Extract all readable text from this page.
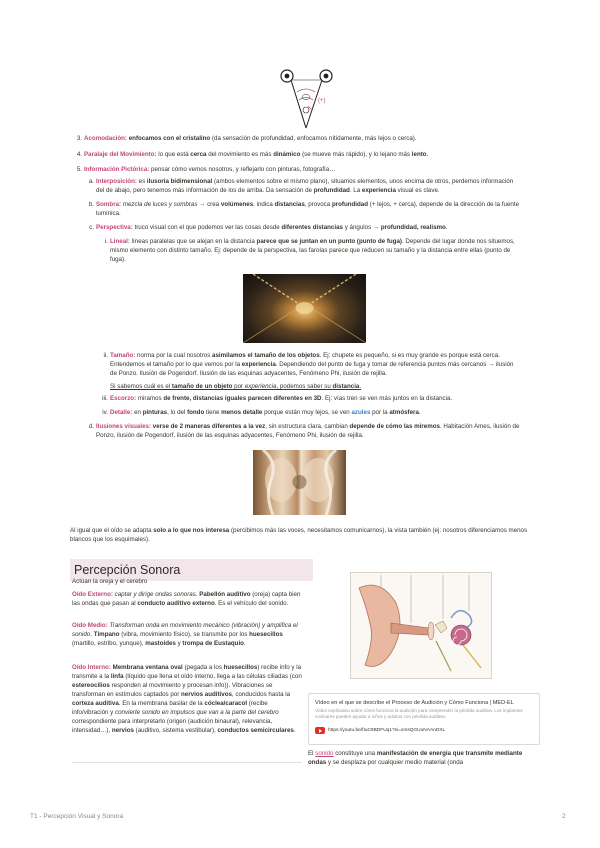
(+)
3. Acomodación: enfocamos con el cristalino (da sensación de profundidad, enfocamos nítidamente, más lejos o cerca).
4. Paralaje del Movimiento: lo que está cerca del movimiento es más dinámico (se mueve más rápido), y lo lejano más lento.
5. Información Pictórica: pensar cómo vemos nosotros, y reflejarlo con pinturas, fotografía…
a. Interposición: es ilusoria bidimensional (ambos elementos sobre el mismo plano), situamos elementos, unos encima de otros, perdemos información del de abajo, pero tenemos más información de los de arriba. Da sensación de profundidad. La experiencia visual es clave.
b. Sombra: mezcla de luces y sombras → crea volúmenes, indica distancias, provoca profundidad (+ lejos, + cerca), depende de la dirección de la fuente lumínica.
c. Perspectiva: truco visual con el que podemos ver las cosas desde diferentes distancias y ángulos → profundidad, realismo.
i. Lineal: líneas paralelas que se alejan en la distancia parece que se juntan en un punto (punto de fuga). Depende del lugar donde nos situemos, mismo elemento con distinto tamaño. Ej: depende de la perspectiva, las farolas parece que reducen su tamaño y la distancia entre ellas (punto de fuga).
ii. Tamaño: norma por la cual nosotros asimilamos el tamaño de los objetos. Ej: chupete es pequeño, si es muy grande es porque está cerca. Entendemos el tamaño por lo que vemos por la experiencia. Dependiendo del punto de fuga y tomar de referencia puntos más cercanos → ilusión de Ponzo. Ilusión de Pogendorf. Ilusión de las esquinas adyacentes, Fenómeno Phi, ilusión de rejilla.
Si sabemos cuál es el tamaño de un objeto por experiencia, podemos saber su distancia.
iii. Escorzo: miramos de frente, distancias iguales parecen diferentes en 3D. Ej: vías tren se ven más juntos en la distancia.
iv. Detalle: en pinturas, lo del fondo tiene menos detalle porque están muy lejos, se ven azules por la atmósfera.
d. Ilusiones visuales: verse de 2 maneras diferentes a la vez, sin estructura clara, cambian depende de cómo las miremos. Habitación Ames, ilusión de Ponzo, ilusión de Pogendorf, ilusión de las esquinas adyacentes, Fenómeno Phi, ilusión de rejilla.
Al igual que el oído se adapta solo a lo que nos interesa (percibimos más las voces, necesitamos comunicarnos), la vista también (ej: nosotros diferenciamos menos blancos que los esquimales).
Percepción Sonora
Actúan la oreja y el cerebro
Oído Externo: captar y dirige ondas sonoras. Pabellón auditivo (oreja) capta bien las ondas que pasan al conducto auditivo externo. Es el vehículo del sonido.
Oído Medio: Transforman onda en movimiento mecánico (vibración) y amplifica el sonido. Tímpano (vibra, movimiento físico), se transmite por los huesecillos (martillo, estribo, yunque), mastoides y trompa de Eustaquio.
Oído Interno: Membrana ventana oval (pegada a los huesecillos) recibe info y la transmite a la linfa (líquido que llena el oído interno, llega a las células ciliadas (con estereocilios responden al movimiento y procesan info)). Vibraciones se transforman en estímulos captados por nervios auditivos, conducidos hasta la corteza auditiva. En la membrana basilar de la cóclea/caracol (recibe info/vibración y convierte sonido en impulsos que van a la parte del cerebro correspondiente para interpretarlo (origen (audición binaural), relevancia, intensidad…), nervios (auditivo, sistema vestibular), conductos semicirculares.
Vídeo en el que se describe el Proceso de Audición y Cómo Funciona | MED-EL
Vídeo explicativo sobre cómo funciona la audición para comprender la pérdida auditiva. Los implantes cocleares pueden ayudar a niños y adultos con pérdida auditiva.
https://youtu.be/fIuC9BDFUq1?si=xmsQGUuNAAnDXL
El sonido constituye una manifestación de energía que transmite mediante ondas y se desplaza por cualquier medio material (onda
T1 - Percepción Visual y Sonora	2
